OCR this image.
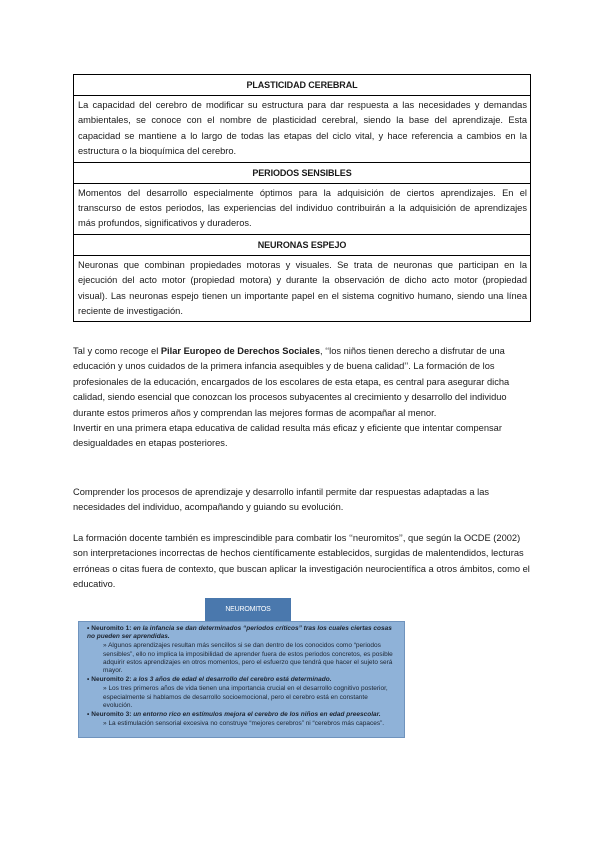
PLASTICIDAD CEREBRAL
La capacidad del cerebro de modificar su estructura para dar respuesta a las necesidades y demandas ambientales, se conoce con el nombre de plasticidad cerebral, siendo la base del aprendizaje. Esta capacidad se mantiene a lo largo de todas las etapas del ciclo vital, y hace referencia a cambios en la estructura o la bioquímica del cerebro.
PERIODOS SENSIBLES
Momentos del desarrollo especialmente óptimos para la adquisición de ciertos aprendizajes. En el transcurso de estos periodos, las experiencias del individuo contribuirán a la adquisición de aprendizajes más profundos, significativos y duraderos.
NEURONAS ESPEJO
Neuronas que combinan propiedades motoras y visuales. Se trata de neuronas que participan en la ejecución del acto motor (propiedad motora) y durante la observación de dicho acto motor (propiedad visual). Las neuronas espejo tienen un importante papel en el sistema cognitivo humano, siendo una línea reciente de investigación.

Tal y como recoge el Pilar Europeo de Derechos Sociales, ‘‘los niños tienen derecho a disfrutar de una educación y unos cuidados de la primera infancia asequibles y de buena calidad’’. La formación de los profesionales de la educación, encargados de los escolares de esta etapa, es central para asegurar dicha calidad, siendo esencial que conozcan los procesos subyacentes al crecimiento y desarrollo del individuo durante estos primeros años y comprendan las mejores formas de acompañar al menor.

Invertir en una primera etapa educativa de calidad resulta más eficaz y eficiente que intentar compensar desigualdades en etapas posteriores.

Comprender los procesos de aprendizaje y desarrollo infantil permite dar respuestas adaptadas a las necesidades del individuo, acompañando y guiando su evolución.

La formación docente también es imprescindible para combatir los ‘‘neuromitos’’, que según la OCDE (2002) son interpretaciones incorrectas de hechos científicamente establecidos, surgidas de malentendidos, lecturas erróneas o citas fuera de contexto, que buscan aplicar la investigación neurocientífica a otros ámbitos, como el educativo.

NEUROMITOS
• Neuromito 1: en la infancia se dan determinados “periodos críticos” tras los cuales ciertas cosas no pueden ser aprendidas.
» Algunos aprendizajes resultan más sencillos si se dan dentro de los conocidos como “periodos sensibles”, ello no implica la imposibilidad de aprender fuera de estos periodos concretos, es posible adquirir estos aprendizajes en otros momentos, pero el esfuerzo que tendrá que hacer el sujeto será mayor.
• Neuromito 2: a los 3 años de edad el desarrollo del cerebro está determinado.
» Los tres primeros años de vida tienen una importancia crucial en el desarrollo cognitivo posterior, especialmente si hablamos de desarrollo socioemocional, pero el cerebro está en constante evolución.
• Neuromito 3: un entorno rico en estímulos mejora el cerebro de los niños en edad preescolar.
» La estimulación sensorial excesiva no construye “mejores cerebros” ni “cerebros más capaces”.
